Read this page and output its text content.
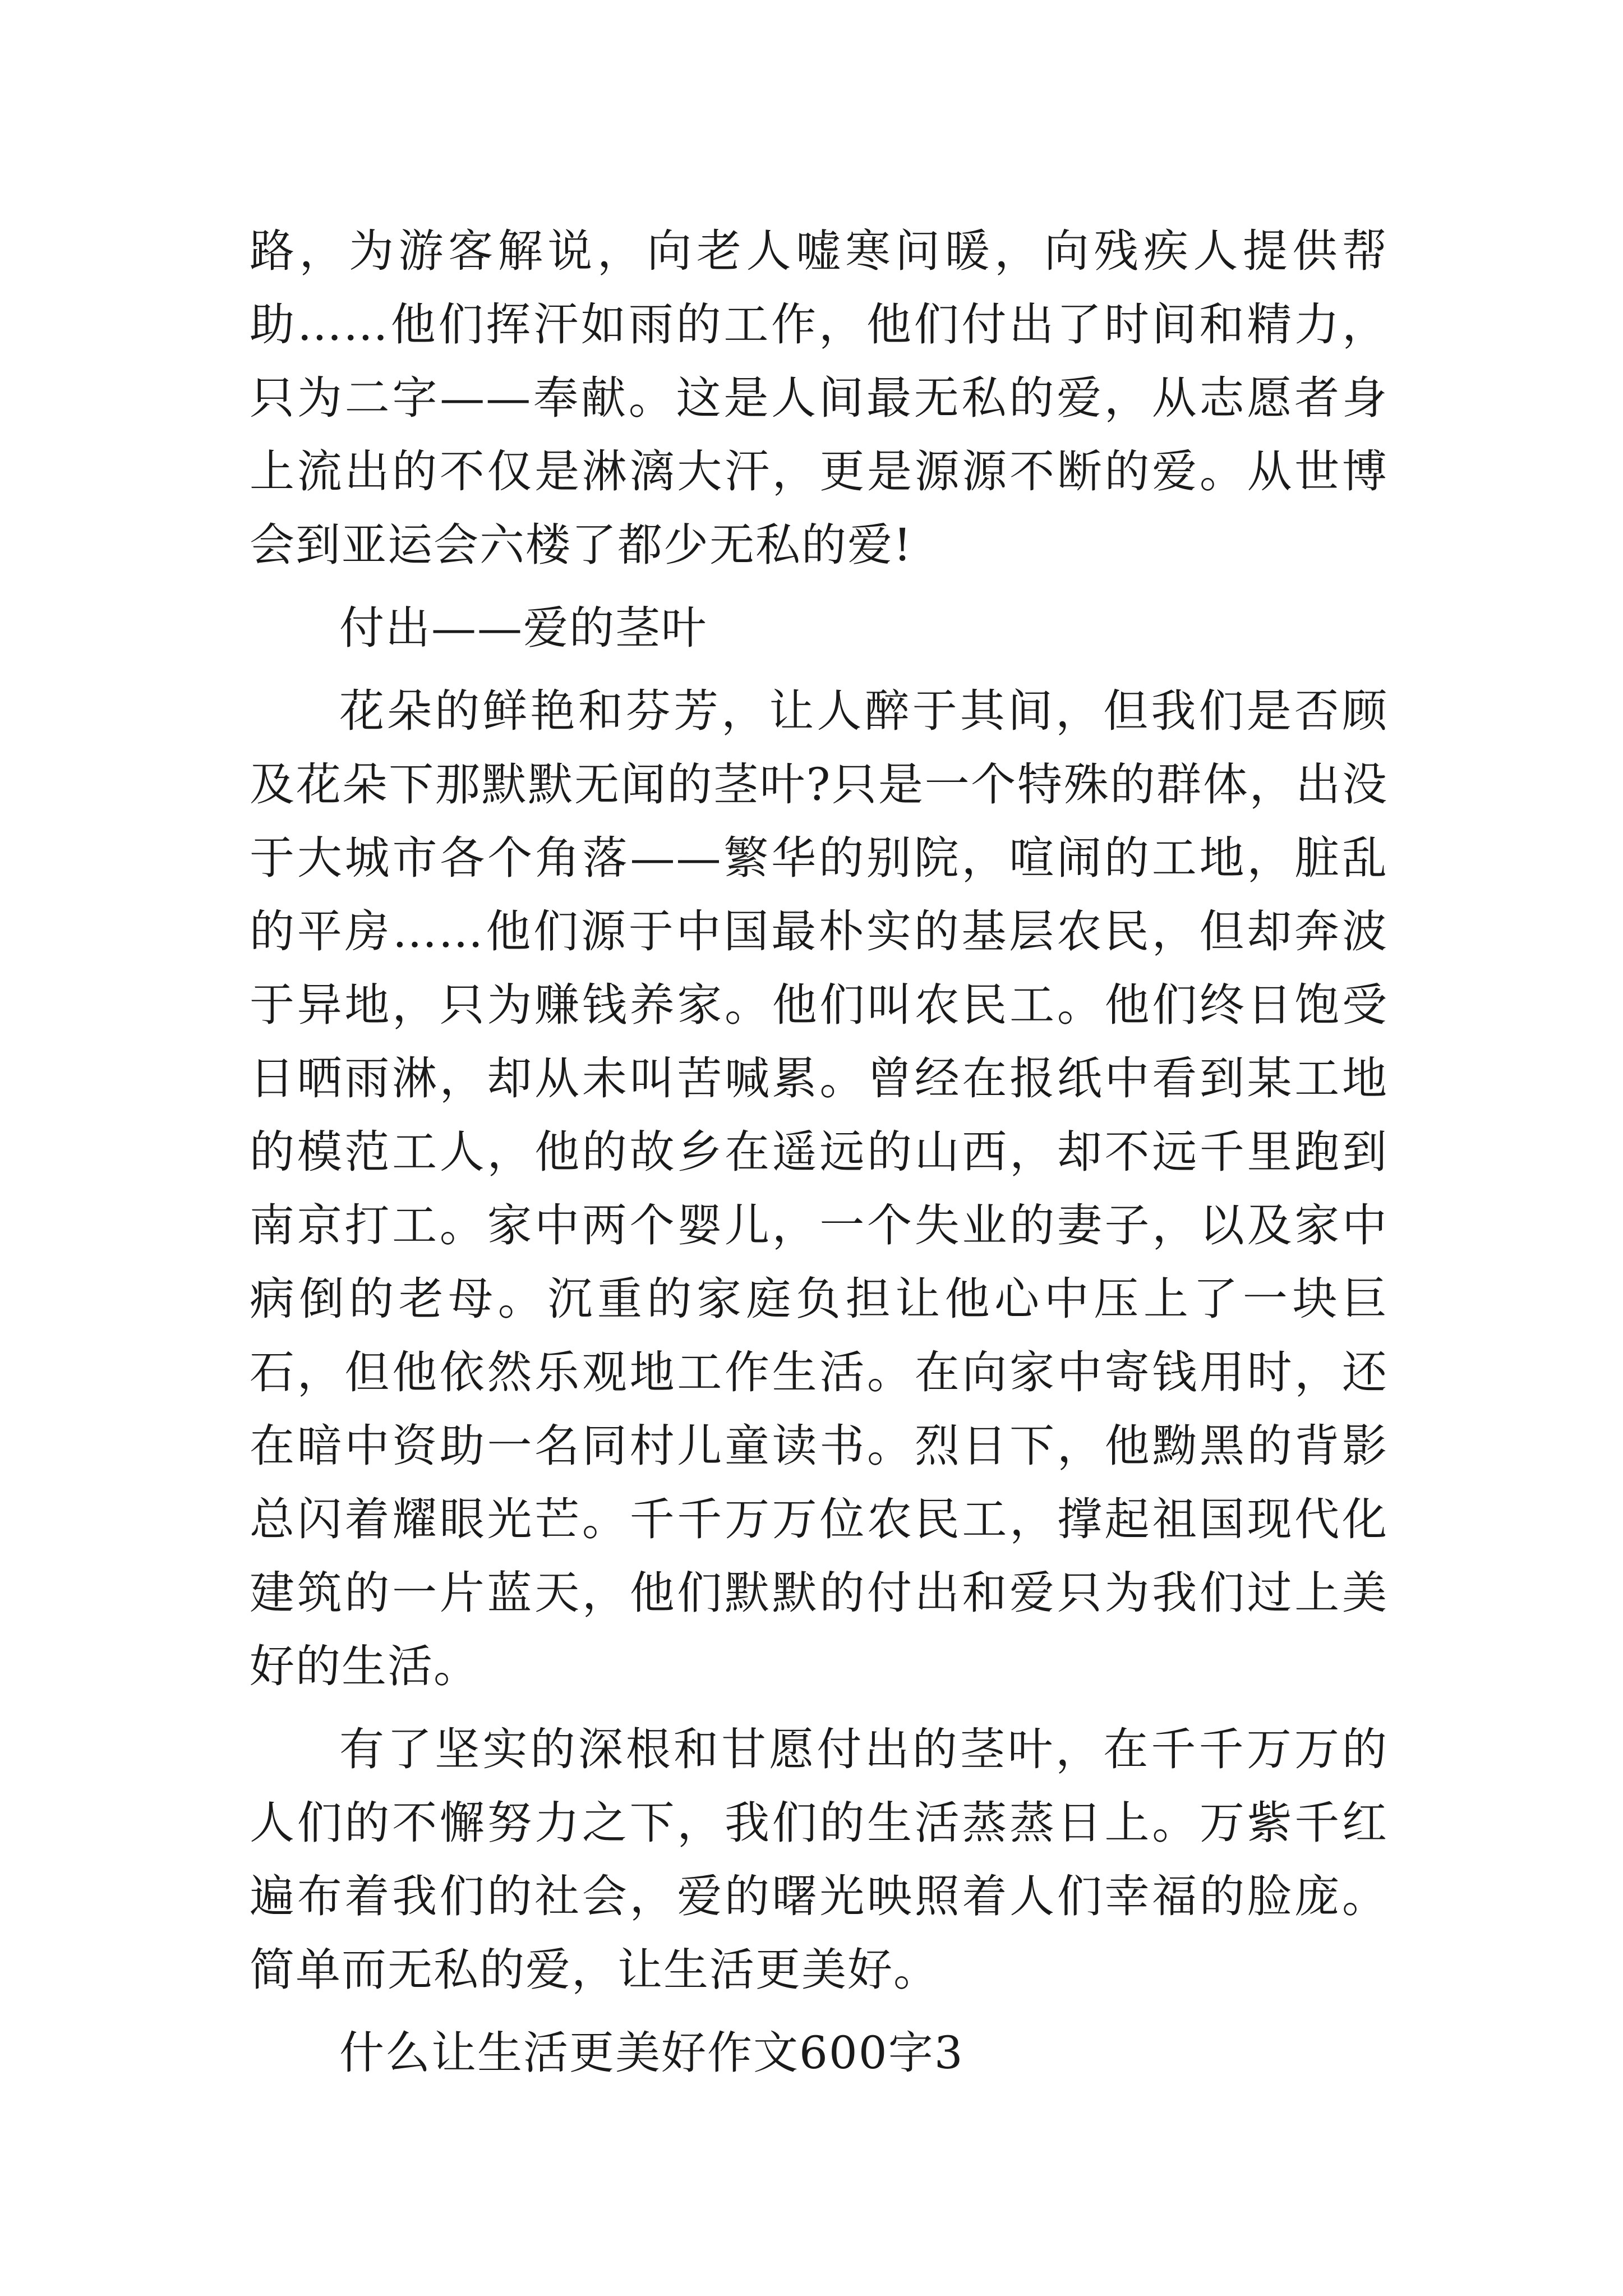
路，为游客解说，向老人嘘寒问暖，向残疾人提供帮助……他们挥汗如雨的工作，他们付出了时间和精力，只为二字——奉献。这是人间最无私的爱，从志愿者身上流出的不仅是淋漓大汗，更是源源不断的爱。从世博会到亚运会六楼了都少无私的爱!

付出——爱的茎叶

花朵的鲜艳和芬芳，让人醉于其间，但我们是否顾及花朵下那默默无闻的茎叶?只是一个特殊的群体，出没于大城市各个角落——繁华的别院，喧闹的工地，脏乱的平房……他们源于中国最朴实的基层农民，但却奔波于异地，只为赚钱养家。他们叫农民工。他们终日饱受日晒雨淋，却从未叫苦喊累。曾经在报纸中看到某工地的模范工人，他的故乡在遥远的山西，却不远千里跑到南京打工。家中两个婴儿，一个失业的妻子，以及家中病倒的老母。沉重的家庭负担让他心中压上了一块巨石，但他依然乐观地工作生活。在向家中寄钱用时，还在暗中资助一名同村儿童读书。烈日下，他黝黑的背影总闪着耀眼光芒。千千万万位农民工，撑起祖国现代化建筑的一片蓝天，他们默默的付出和爱只为我们过上美好的生活。

有了坚实的深根和甘愿付出的茎叶，在千千万万的人们的不懈努力之下，我们的生活蒸蒸日上。万紫千红遍布着我们的社会，爱的曙光映照着人们幸福的脸庞。简单而无私的爱，让生活更美好。

什么让生活更美好作文600字3
